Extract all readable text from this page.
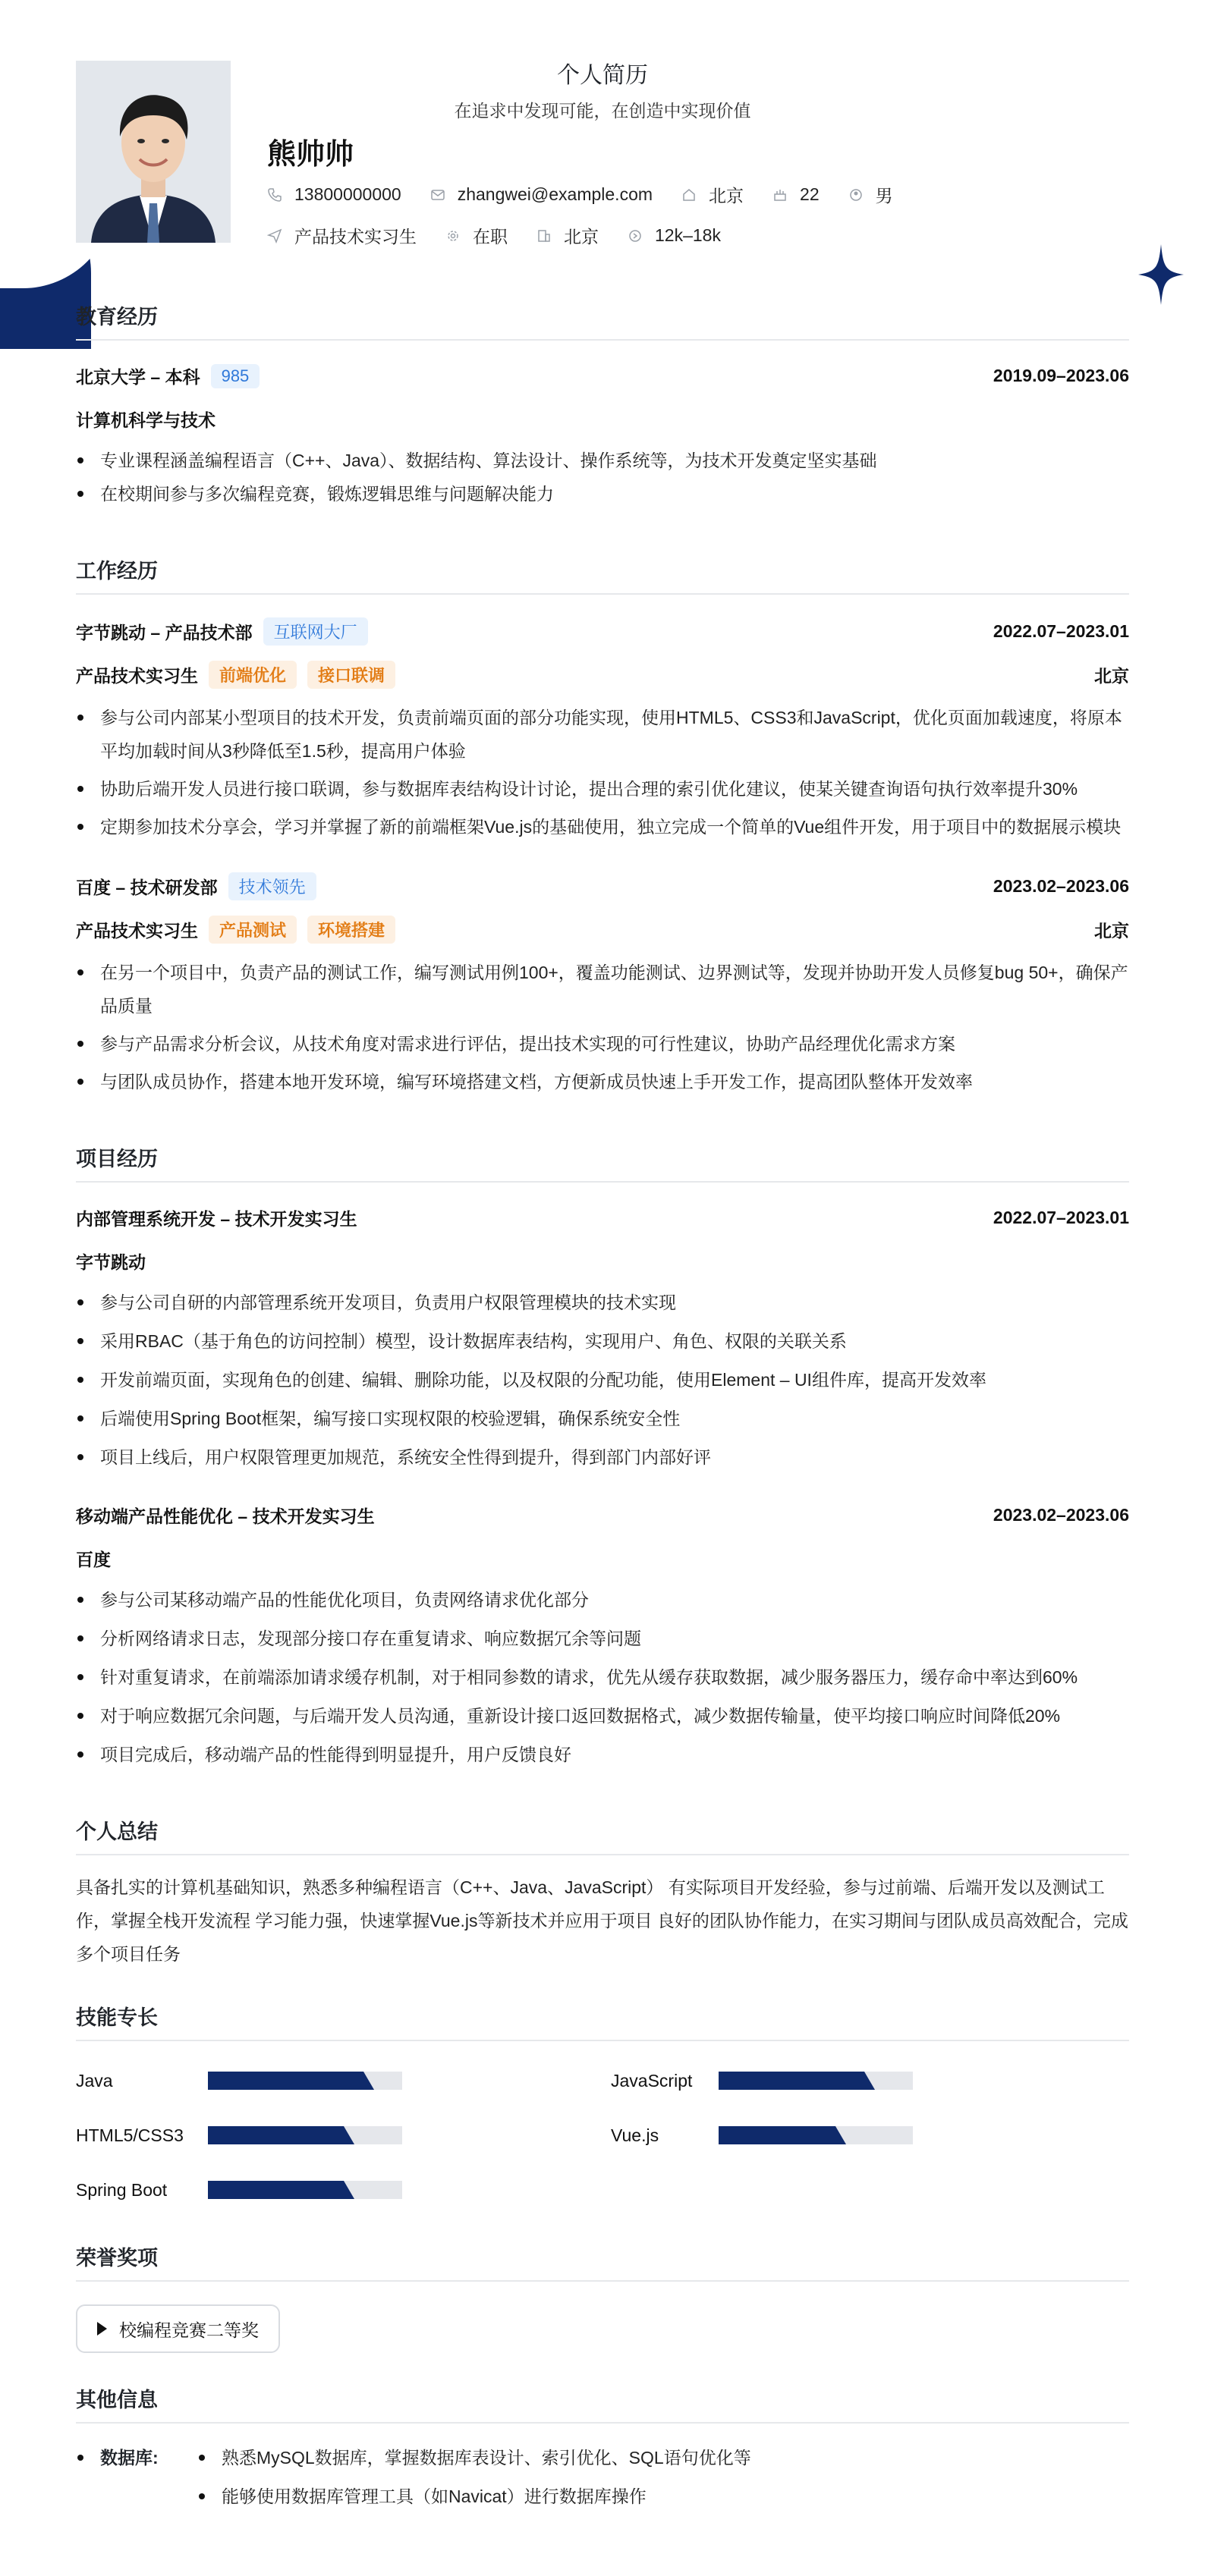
个人简历
在追求中发现可能，在创造中实现价值
熊帅帅
13800000000	zhangwei@example.com	北京	22	男
产品技术实习生	在职	北京	12k–18k
教育经历
北京大学 – 本科	985	2019.09–2023.06
计算机科学与技术
专业课程涵盖编程语言（C++、Java）、数据结构、算法设计、操作系统等，为技术开发奠定坚实基础
在校期间参与多次编程竞赛，锻炼逻辑思维与问题解决能力
工作经历
字节跳动 – 产品技术部	互联网大厂	2022.07–2023.01
产品技术实习生	前端优化	接口联调	北京
参与公司内部某小型项目的技术开发，负责前端页面的部分功能实现，使用HTML5、CSS3和JavaScript，优化页面加载速度，将原本平均加载时间从3秒降低至1.5秒，提高用户体验
协助后端开发人员进行接口联调，参与数据库表结构设计讨论，提出合理的索引优化建议，使某关键查询语句执行效率提升30%
定期参加技术分享会，学习并掌握了新的前端框架Vue.js的基础使用，独立完成一个简单的Vue组件开发，用于项目中的数据展示模块
百度 – 技术研发部	技术领先	2023.02–2023.06
产品技术实习生	产品测试	环境搭建	北京
在另一个项目中，负责产品的测试工作，编写测试用例100+，覆盖功能测试、边界测试等，发现并协助开发人员修复bug 50+，确保产品质量
参与产品需求分析会议，从技术角度对需求进行评估，提出技术实现的可行性建议，协助产品经理优化需求方案
与团队成员协作，搭建本地开发环境，编写环境搭建文档，方便新成员快速上手开发工作，提高团队整体开发效率
项目经历
内部管理系统开发 – 技术开发实习生	2022.07–2023.01
字节跳动
参与公司自研的内部管理系统开发项目，负责用户权限管理模块的技术实现
采用RBAC（基于角色的访问控制）模型，设计数据库表结构，实现用户、角色、权限的关联关系
开发前端页面，实现角色的创建、编辑、删除功能，以及权限的分配功能，使用Element – UI组件库，提高开发效率
后端使用Spring Boot框架，编写接口实现权限的校验逻辑，确保系统安全性
项目上线后，用户权限管理更加规范，系统安全性得到提升，得到部门内部好评
移动端产品性能优化 – 技术开发实习生	2023.02–2023.06
百度
参与公司某移动端产品的性能优化项目，负责网络请求优化部分
分析网络请求日志，发现部分接口存在重复请求、响应数据冗余等问题
针对重复请求，在前端添加请求缓存机制，对于相同参数的请求，优先从缓存获取数据，减少服务器压力，缓存命中率达到60%
对于响应数据冗余问题，与后端开发人员沟通，重新设计接口返回数据格式，减少数据传输量，使平均接口响应时间降低20%
项目完成后，移动端产品的性能得到明显提升，用户反馈良好
个人总结
具备扎实的计算机基础知识，熟悉多种编程语言（C++、Java、JavaScript） 有实际项目开发经验，参与过前端、后端开发以及测试工作，掌握全栈开发流程 学习能力强，快速掌握Vue.js等新技术并应用于项目 良好的团队协作能力，在实习期间与团队成员高效配合，完成多个项目任务
技能专长
Java	JavaScript
HTML5/CSS3	Vue.js
Spring Boot
荣誉奖项
校编程竞赛二等奖
其他信息
数据库:	熟悉MySQL数据库，掌握数据库表设计、索引优化、SQL语句优化等
能够使用数据库管理工具（如Navicat）进行数据库操作
